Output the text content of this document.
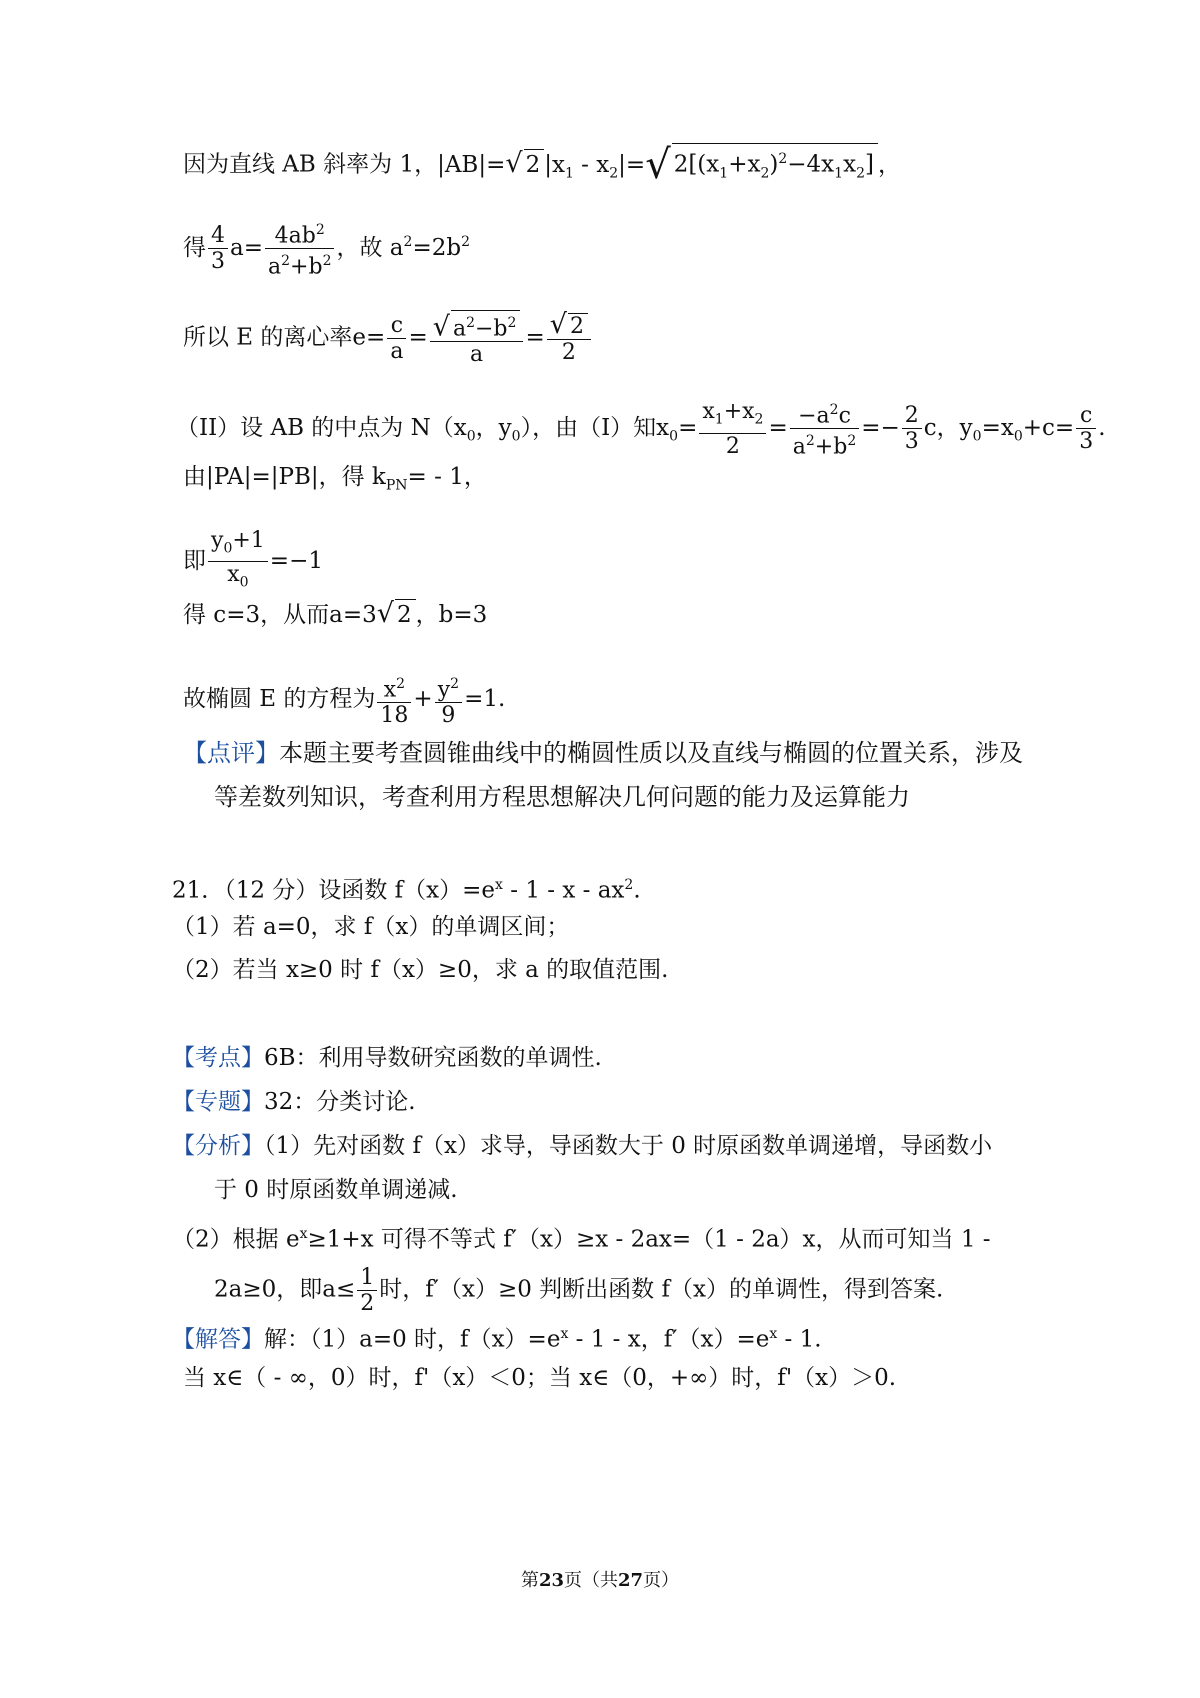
因为直线 AB 斜率为 1，|AB|=√ 2 $|x_1 - x_2|=√$ $2[(x_1+x_2)^2-4x_1x_2]$ ，
得 $\frac{4}{3} a= \frac{4ab^2}{a^2+b^2}$ ，故 $a^2=2b^2$
所以 E 的离心率$e= \frac{c}{a} = \frac{√ a^2-b^2}{a} = \frac{√ 2}{2}$
（II）设 AB 的中点为 $N(x_0$，$y_0$），由（I）知$x_0= \frac{x_1+x_2}{2} = \frac{-a^2c}{a^2+b^2} =- \frac{2}{3}$ c，$y_0=x_0+c= \frac{c}{3}$ .
由|PA|=|PB|，得 $k_{PN}= - 1$，
即 $\frac{y_0+1}{x_0} =-1$
得 c=3，从而a=3√ 2 ，b=3
故椭圆 E 的方程为 $\frac{x^2}{18} + \frac{y^2}{9} =1$.
【点评】本题主要考查圆锥曲线中的椭圆性质以及直线与椭圆的位置关系，涉及
等差数列知识，考查利用方程思想解决几何问题的能力及运算能力
21．（12 分）设函数 $f(x)=e^x - 1 - x - ax^2$.
（1）若 a=0，求 f（x）的单调区间；
（2）若当 x≥0 时 f（x）≥0，求 a 的取值范围.
【考点】6B：利用导数研究函数的单调性.
【专题】32：分类讨论.
【分析】（1）先对函数 f（x）求导，导函数大于 0 时原函数单调递增，导函数小
于 0 时原函数单调递减.
（2）根据 $e^x\ge 1+x$ 可得不等式 f′（x）≥x - 2ax=（1 - 2a）x，从而可知当 1 -
2a≥0，即$a\le \frac{1}{2}$ 时，f′（x）≥0 判断出函数 f（x）的单调性，得到答案.
【解答】解：（1）a=0 时，$f(x)=e^x - 1 - x$，$f'(x)=e^x - 1$.
当 x∈（ - ∞，0）时，f'（x）＜0；当 x∈（0，+∞）时，f'（x）＞0.
第23页（共27页）
